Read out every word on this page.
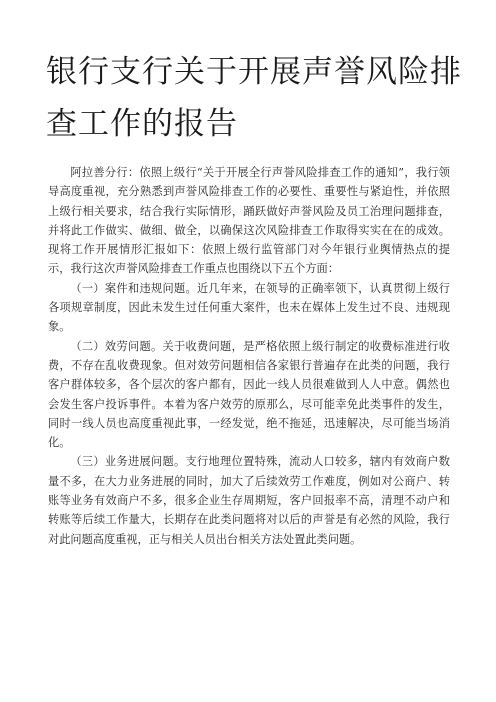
银行支行关于开展声誉风险排查工作的报告

阿拉善分行：依照上级行“关于开展全行声誉风险排查工作的通知”，我行领导高度重视，充分熟悉到声誉风险排查工作的必要性、重要性与紧迫性，并依照上级行相关要求，结合我行实际情形，踊跃做好声誉风险及员工治理问题排查，并将此工作做实、做细、做全，以确保这次风险排查工作取得实实在在的成效。现将工作开展情形汇报如下：依照上级行监管部门对今年银行业舆情热点的提示，我行这次声誉风险排查工作重点也围绕以下五个方面：

（一）案件和违规问题。近几年来，在领导的正确率领下，认真贯彻上级行各项规章制度，因此未发生过任何重大案件，也未在媒体上发生过不良、违规现象。

（二）效劳问题。关于收费问题，是严格依照上级行制定的收费标准进行收费，不存在乱收费现象。但对效劳问题相信各家银行普遍存在此类的问题，我行客户群体较多，各个层次的客户都有，因此一线人员很难做到人人中意。偶然也会发生客户投诉事件。本着为客户效劳的原那么，尽可能幸免此类事件的发生，同时一线人员也高度重视此事，一经发觉，绝不拖延，迅速解决，尽可能当场消化。

（三）业务进展问题。支行地理位置特殊，流动人口较多，辖内有效商户数量不多，在大力业务进展的同时，加大了后续效劳工作难度，例如对公商户、转账等业务有效商户不多，很多企业生存周期短，客户回报率不高，清理不动户和转账等后续工作量大，长期存在此类问题将对以后的声誉是有必然的风险，我行对此问题高度重视，正与相关人员出台相关方法处置此类问题。
